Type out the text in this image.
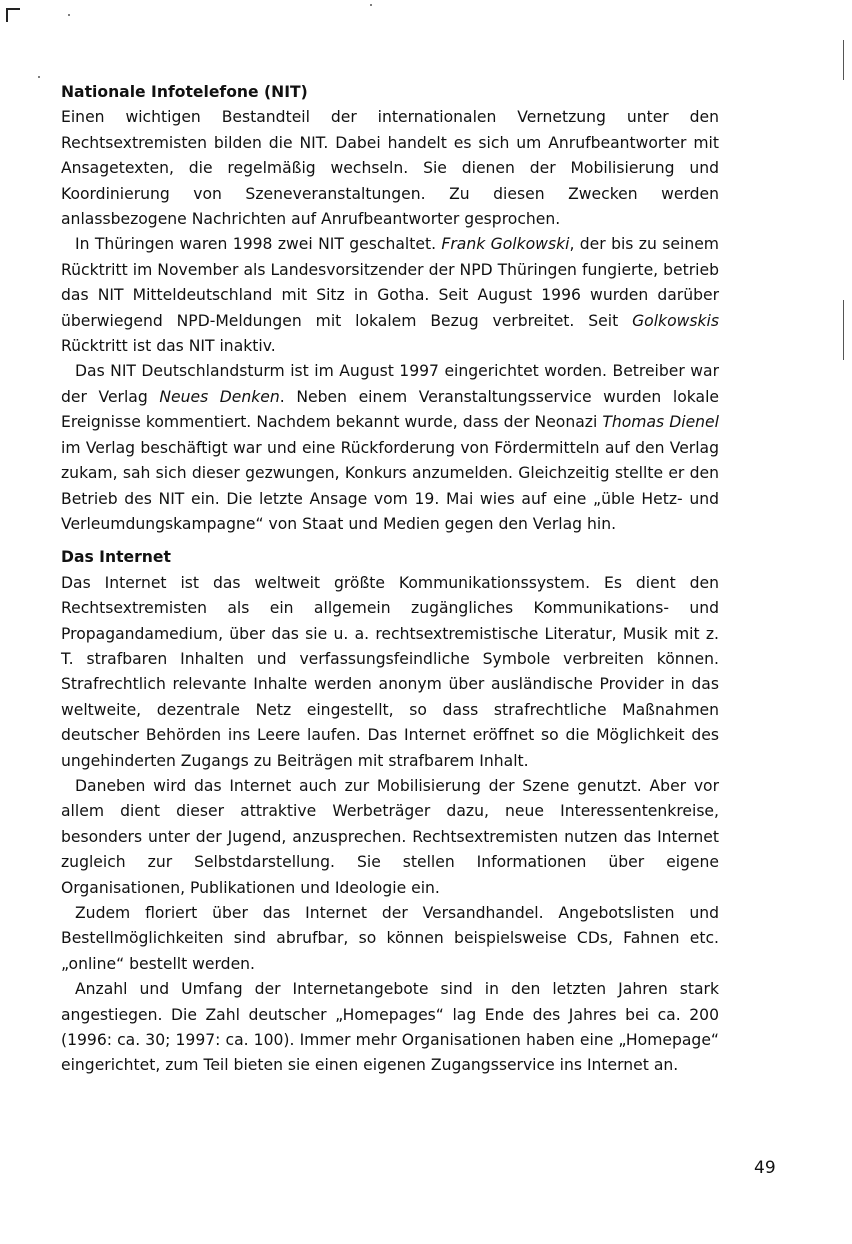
Nationale Infotelefone (NIT)

Einen wichtigen Bestandteil der internationalen Vernetzung unter den Rechtsextremisten bilden die NIT. Dabei handelt es sich um Anrufbeantworter mit Ansagetexten, die regelmäßig wechseln. Sie dienen der Mobilisierung und Koordinierung von Szeneveranstaltungen. Zu diesen Zwecken werden anlassbezogene Nachrichten auf Anrufbeantworter gesprochen.

In Thüringen waren 1998 zwei NIT geschaltet. Frank Golkowski, der bis zu seinem Rücktritt im November als Landesvorsitzender der NPD Thüringen fungierte, betrieb das NIT Mitteldeutschland mit Sitz in Gotha. Seit August 1996 wurden darüber überwiegend NPD-Meldungen mit lokalem Bezug verbreitet. Seit Golkowskis Rücktritt ist das NIT inaktiv.

Das NIT Deutschlandsturm ist im August 1997 eingerichtet worden. Betreiber war der Verlag Neues Denken. Neben einem Veranstaltungsservice wurden lokale Ereignisse kommentiert. Nachdem bekannt wurde, dass der Neonazi Thomas Dienel im Verlag beschäftigt war und eine Rückforderung von Fördermitteln auf den Verlag zukam, sah sich dieser gezwungen, Konkurs anzumelden. Gleichzeitig stellte er den Betrieb des NIT ein. Die letzte Ansage vom 19. Mai wies auf eine „üble Hetz- und Verleumdungskampagne“ von Staat und Medien gegen den Verlag hin.

Das Internet

Das Internet ist das weltweit größte Kommunikationssystem. Es dient den Rechtsextremisten als ein allgemein zugängliches Kommunikations- und Propagandamedium, über das sie u. a. rechtsextremistische Literatur, Musik mit z. T. strafbaren Inhalten und verfassungsfeindliche Symbole verbreiten können. Strafrechtlich relevante Inhalte werden anonym über ausländische Provider in das weltweite, dezentrale Netz eingestellt, so dass strafrechtliche Maßnahmen deutscher Behörden ins Leere laufen. Das Internet eröffnet so die Möglichkeit des ungehinderten Zugangs zu Beiträgen mit strafbarem Inhalt.

Daneben wird das Internet auch zur Mobilisierung der Szene genutzt. Aber vor allem dient dieser attraktive Werbeträger dazu, neue Interessentenkreise, besonders unter der Jugend, anzusprechen. Rechtsextremisten nutzen das Internet zugleich zur Selbstdarstellung. Sie stellen Informationen über eigene Organisationen, Publikationen und Ideologie ein.

Zudem floriert über das Internet der Versandhandel. Angebotslisten und Bestellmöglichkeiten sind abrufbar, so können beispielsweise CDs, Fahnen etc. „online“ bestellt werden.

Anzahl und Umfang der Internetangebote sind in den letzten Jahren stark angestiegen. Die Zahl deutscher „Homepages“ lag Ende des Jahres bei ca. 200 (1996: ca. 30; 1997: ca. 100). Immer mehr Organisationen haben eine „Homepage“ eingerichtet, zum Teil bieten sie einen eigenen Zugangsservice ins Internet an.

49
